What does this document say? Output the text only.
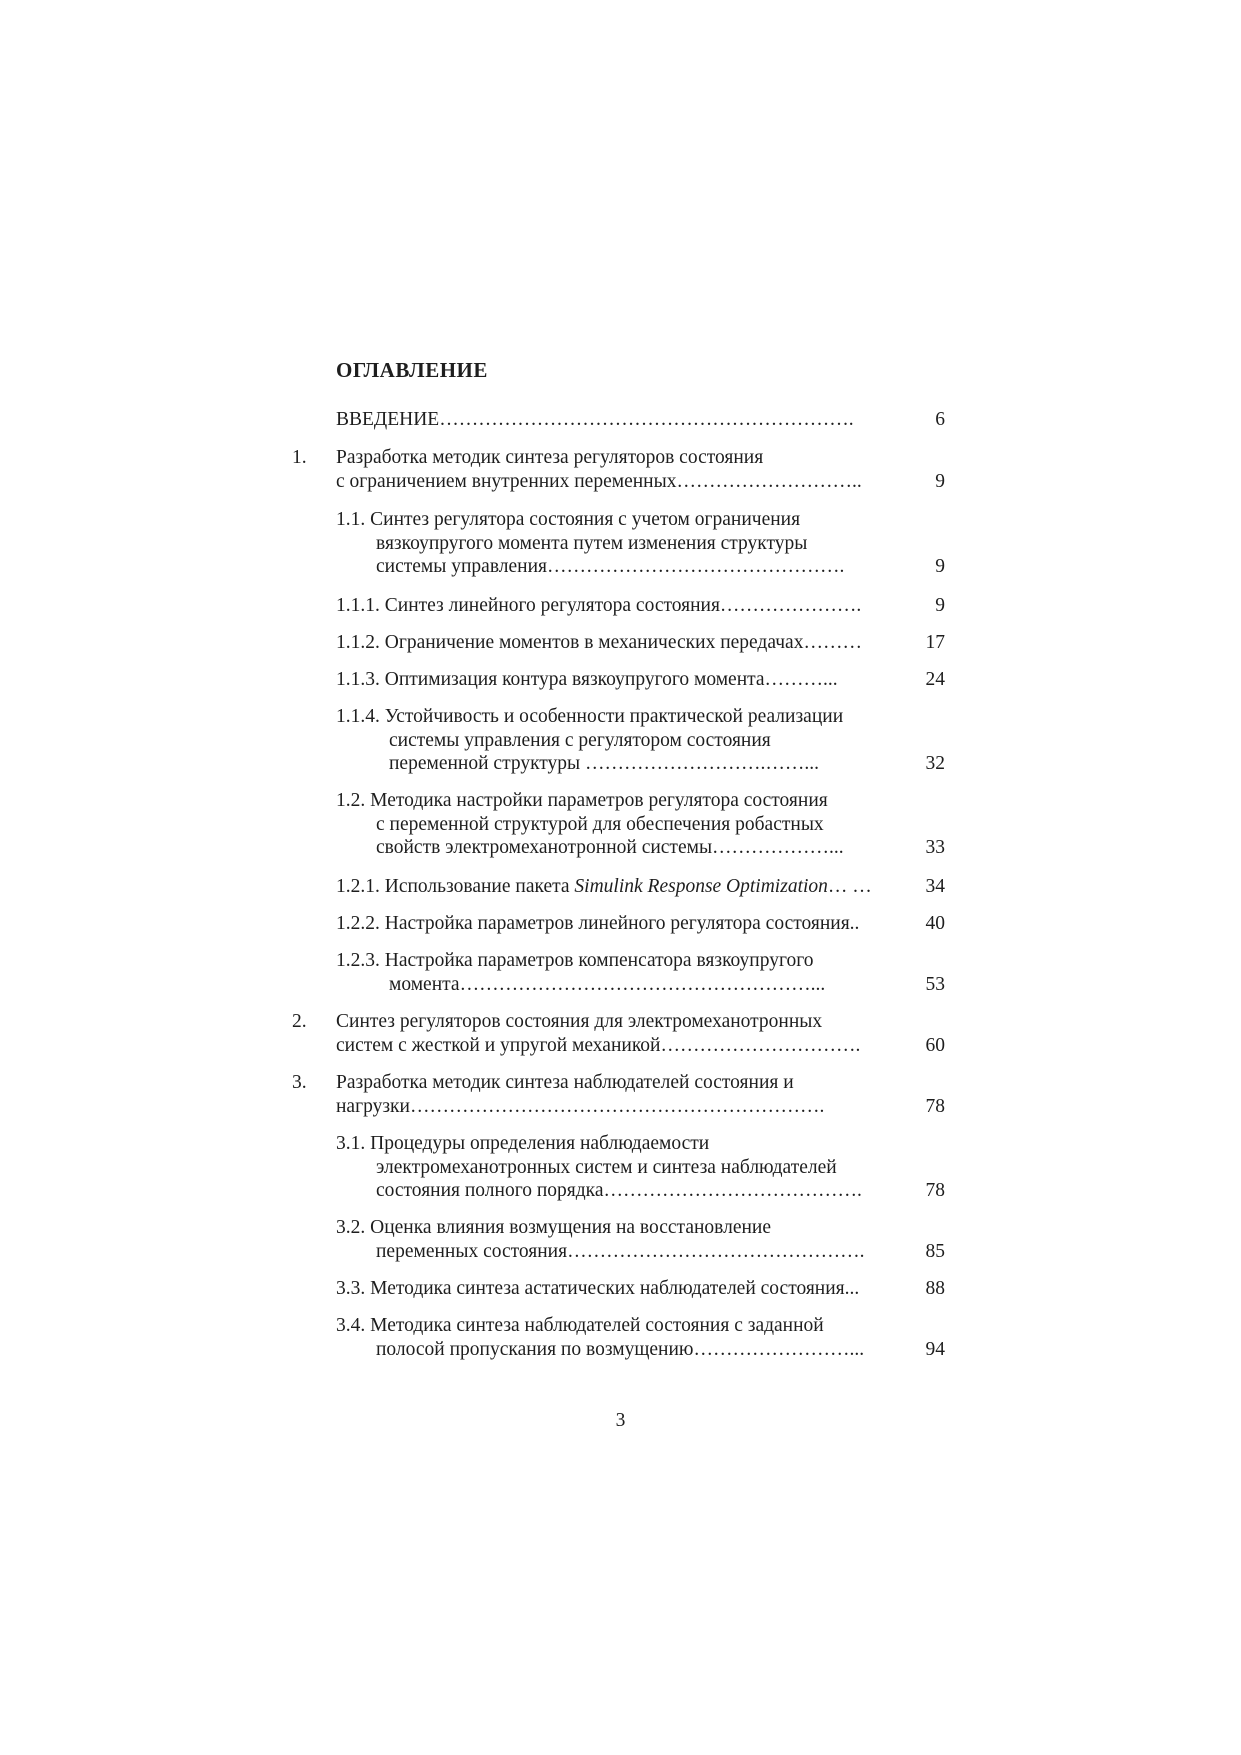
ОГЛАВЛЕНИЕ
ВВЕДЕНИЕ……………………………………………………….	6
1. Разработка методик синтеза регуляторов состояния
с ограничением внутренних переменных………………………..	9
1.1. Синтез регулятора состояния с учетом ограничения
вязкоупругого момента путем изменения структуры
системы управления……………………………………….	9
1.1.1. Синтез линейного регулятора состояния………………….	9
1.1.2. Ограничение моментов в механических передачах………	17
1.1.3. Оптимизация контура вязкоупругого момента………...	24
1.1.4. Устойчивость и особенности практической реализации
системы управления с регулятором состояния
переменной структуры ……………………….……...	32
1.2. Методика настройки параметров регулятора состояния
с переменной структурой для обеспечения робастных
свойств электромеханотронной системы………………...	33
1.2.1. Использование пакета Simulink Response Optimization… …	34
1.2.2. Настройка параметров линейного регулятора состояния..	40
1.2.3. Настройка параметров компенсатора вязкоупругого
момента………………………………………………...	53
2. Синтез регуляторов состояния для электромеханотронных
систем с жесткой и упругой механикой………………………….	60
3. Разработка методик синтеза наблюдателей состояния и
нагрузки……………………………………………………….	78
3.1. Процедуры определения наблюдаемости
электромеханотронных систем и синтеза наблюдателей
состояния полного порядка………………………………….	78
3.2. Оценка влияния возмущения на восстановление
переменных состояния……………………………………….	85
3.3. Методика синтеза астатических наблюдателей состояния...	88
3.4. Методика синтеза наблюдателей состояния с заданной
полосой пропускания по возмущению……………………...	94
3
